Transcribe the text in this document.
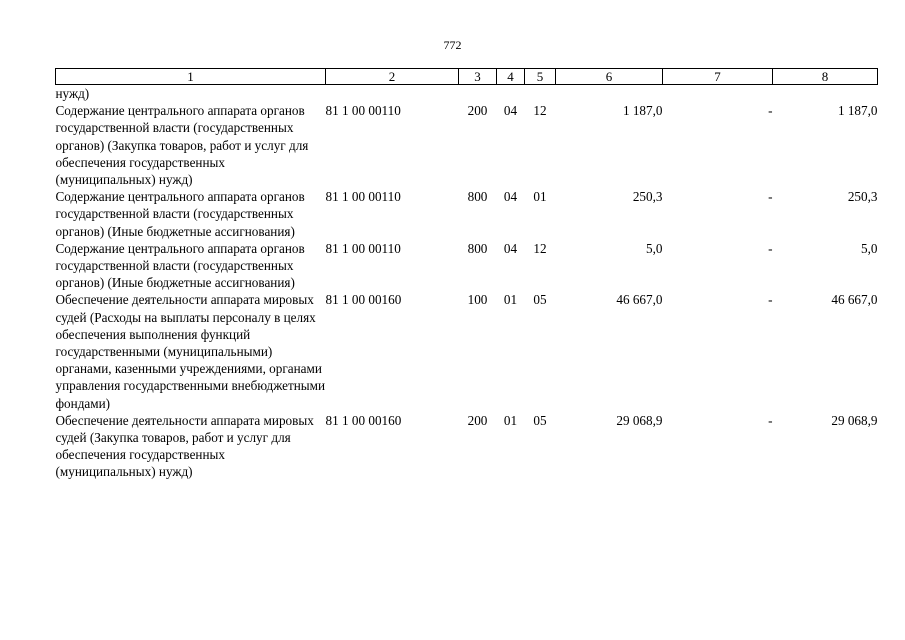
772
1	2	3	4	5	6	7	8
нужд)							
Содержание центрального аппарата органов государственной власти (государственных органов) (Закупка товаров, работ и услуг для обеспечения государственных (муниципальных) нужд)	81 1 00 00110	200	04	12	1 187,0	-	1 187,0
Содержание центрального аппарата органов государственной власти (государственных органов) (Иные бюджетные ассигнования)	81 1 00 00110	800	04	01	250,3	-	250,3
Содержание центрального аппарата органов государственной власти (государственных органов) (Иные бюджетные ассигнования)	81 1 00 00110	800	04	12	5,0	-	5,0
Обеспечение деятельности аппарата мировых судей (Расходы на выплаты персоналу в целях обеспечения выполнения функций государственными (муниципальными) органами, казенными учреждениями, органами управления государственными внебюджетными фондами)	81 1 00 00160	100	01	05	46 667,0	-	46 667,0
Обеспечение деятельности аппарата мировых судей (Закупка товаров, работ и услуг для обеспечения государственных (муниципальных) нужд)	81 1 00 00160	200	01	05	29 068,9	-	29 068,9
